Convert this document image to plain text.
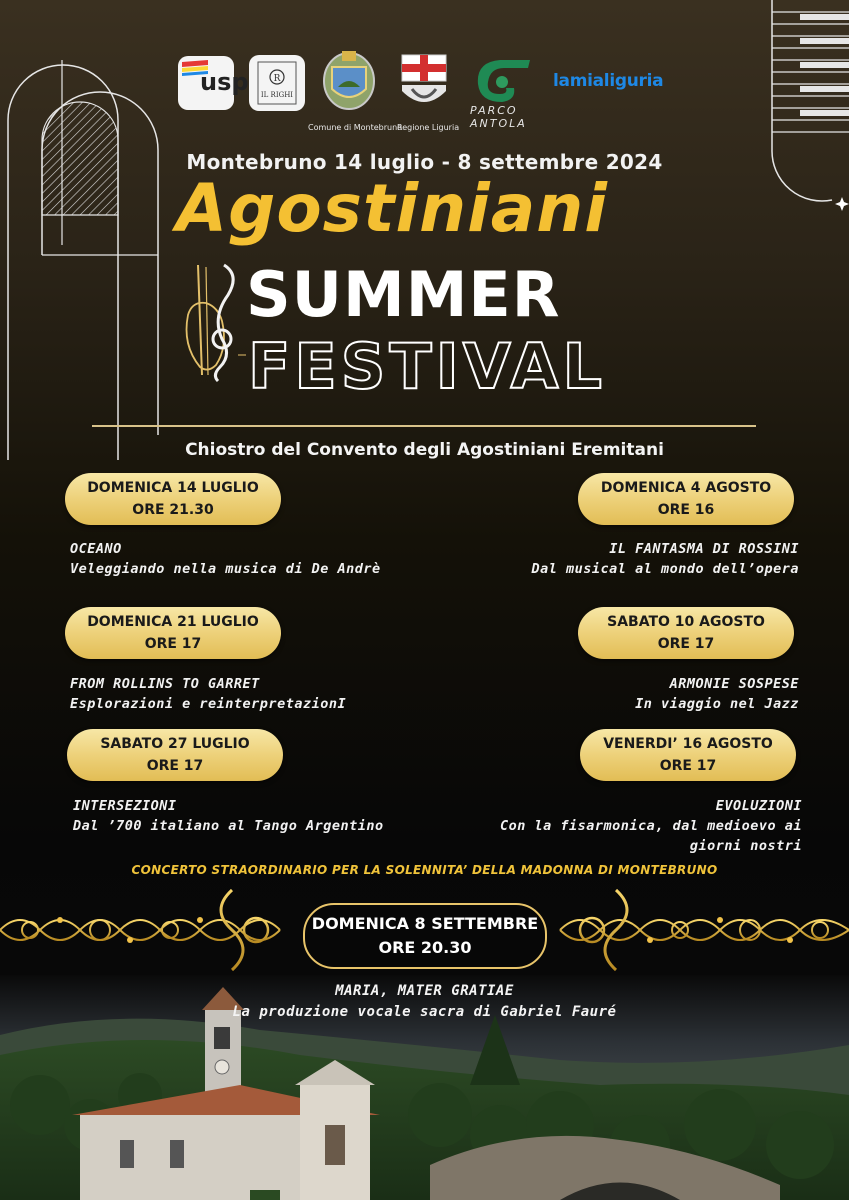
usp	R
IL RIGHI
Comune di Montebruno
Regione Liguria
PARCO
ANTOLA
lamialiguria
Montebruno 14 luglio - 8 settembre 2024
Agostiniani
SUMMER
FESTIVAL
Chiostro del Convento degli Agostiniani Eremitani
DOMENICA 14 LUGLIO
ORE 21.30
OCEANO
Veleggiando nella musica di De Andrè
DOMENICA 4 AGOSTO
ORE 16
IL FANTASMA DI ROSSINI
Dal musical al mondo dell’opera
DOMENICA 21 LUGLIO
ORE 17
FROM ROLLINS TO GARRET
Esplorazioni e reinterpretazionI
SABATO 10 AGOSTO
ORE 17
ARMONIE SOSPESE
In viaggio nel Jazz
SABATO 27 LUGLIO
ORE 17
INTERSEZIONI
Dal ’700 italiano al Tango Argentino
VENERDI’ 16 AGOSTO
ORE 17
EVOLUZIONI
Con la fisarmonica, dal medioevo ai
giorni nostri
CONCERTO STRAORDINARIO PER LA SOLENNITA’ DELLA MADONNA DI MONTEBRUNO
DOMENICA 8 SETTEMBRE
ORE 20.30
MARIA, MATER GRATIAE
La produzione vocale sacra di Gabriel Fauré
